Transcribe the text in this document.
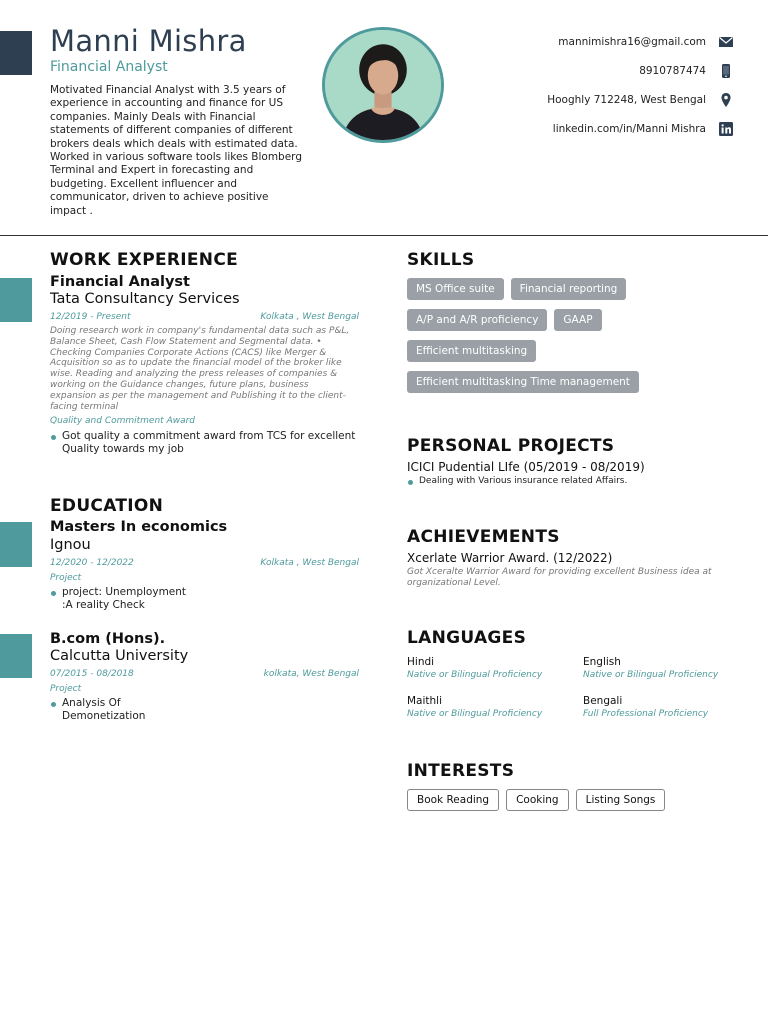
Manni Mishra
Financial Analyst

Motivated Financial Analyst with 3.5 years of experience in accounting and finance for US companies. Mainly Deals with Financial statements of different companies of different brokers deals which deals with estimated data. Worked in various software tools likes Blomberg Terminal and Expert in forecasting and budgeting. Excellent influencer and communicator, driven to achieve positive impact .

mannimishra16@gmail.com
8910787474
Hooghly 712248, West Bengal
linkedin.com/in/Manni Mishra
WORK EXPERIENCE
Financial Analyst
Tata Consultancy Services
12/2019 - Present	Kolkata , West Bengal

Doing research work in company's fundamental data such as P&L, Balance Sheet, Cash Flow Statement and Segmental data. • Checking Companies Corporate Actions (CACS) like Merger & Acquisition so as to update the financial model of the broker like wise. Reading and analyzing the press releases of companies & working on the Guidance changes, future plans, business expansion as per the management and Publishing it to the client-facing terminal

Quality and Commitment Award
Got quality a commitment award from TCS for excellent Quality towards my job
EDUCATION
Masters In economics
Ignou
12/2020 - 12/2022	Kolkata , West Bengal
Project
project: Unemployment
:A reality Check
B.com (Hons).
Calcutta University
07/2015 - 08/2018	kolkata, West Bengal
Project
Analysis Of
Demonetization
SKILLS
MS Office suite	Financial reporting
A/P and A/R proficiency	GAAP
Efficient multitasking
Efficient multitasking Time management
PERSONAL PROJECTS
ICICI Pudential LIfe (05/2019 - 08/2019)
Dealing with Various insurance related Affairs.
ACHIEVEMENTS
Xcerlate Warrior Award. (12/2022)

Got Xceralte Warrior Award for providing excellent Business idea at organizational Level.

LANGUAGES
Hindi
Native or Bilingual Proficiency
English
Native or Bilingual Proficiency
Maithli
Native or Bilingual Proficiency
Bengali
Full Professional Proficiency
INTERESTS
Book Reading	Cooking	Listing Songs
